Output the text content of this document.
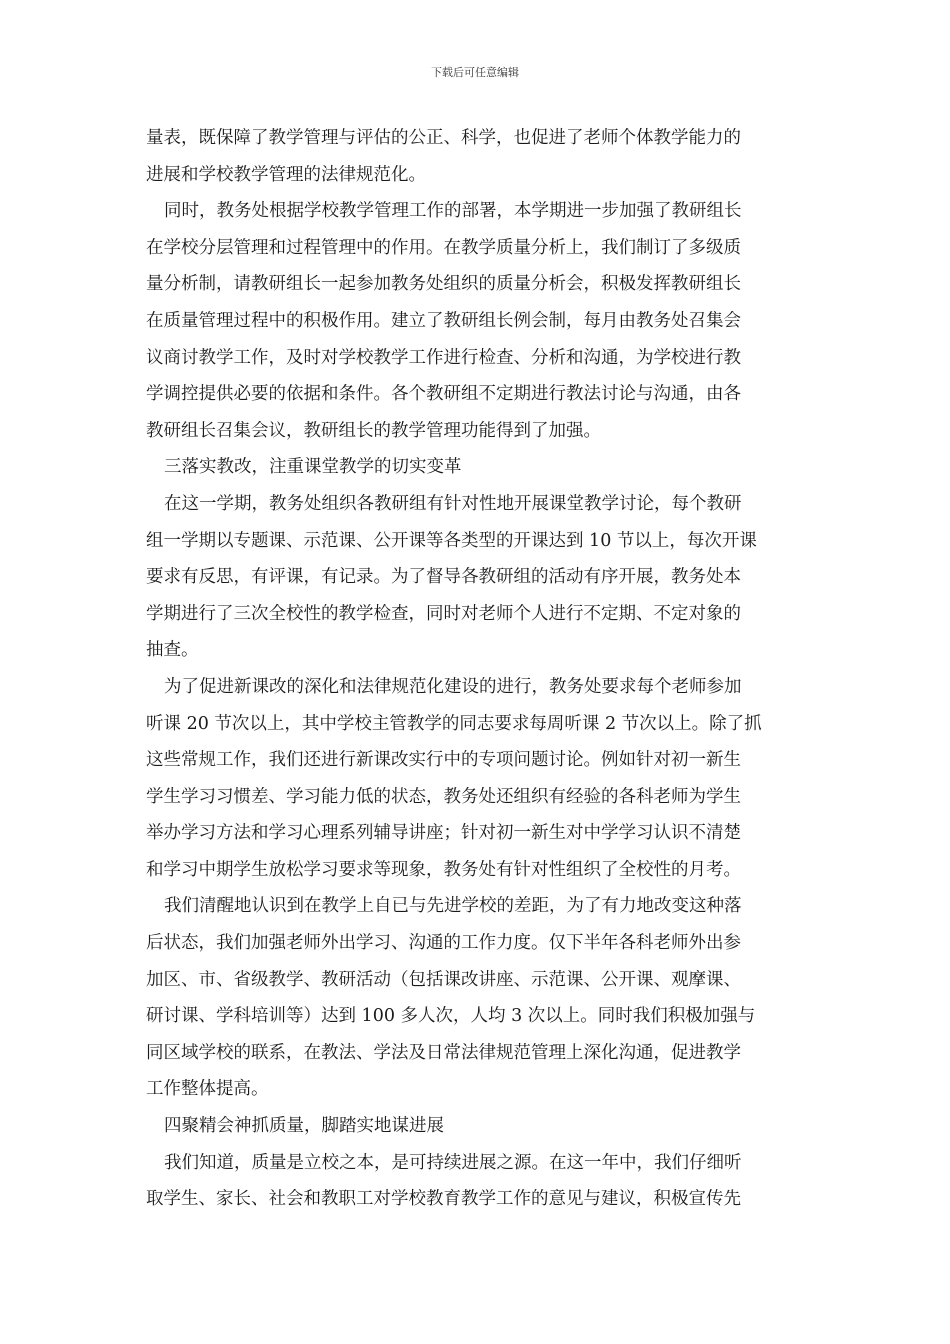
下载后可任意编辑
量表，既保障了教学管理与评估的公正、科学，也促进了老师个体教学能力的
进展和学校教学管理的法律规范化。
同时，教务处根据学校教学管理工作的部署，本学期进一步加强了教研组长
在学校分层管理和过程管理中的作用。在教学质量分析上，我们制订了多级质
量分析制，请教研组长一起参加教务处组织的质量分析会，积极发挥教研组长
在质量管理过程中的积极作用。建立了教研组长例会制，每月由教务处召集会
议商讨教学工作，及时对学校教学工作进行检查、分析和沟通，为学校进行教
学调控提供必要的依据和条件。各个教研组不定期进行教法讨论与沟通，由各
教研组长召集会议，教研组长的教学管理功能得到了加强。
三落实教改，注重课堂教学的切实变革
在这一学期，教务处组织各教研组有针对性地开展课堂教学讨论，每个教研
组一学期以专题课、示范课、公开课等各类型的开课达到 10 节以上，每次开课
要求有反思，有评课，有记录。为了督导各教研组的活动有序开展，教务处本
学期进行了三次全校性的教学检查，同时对老师个人进行不定期、不定对象的
抽查。
为了促进新课改的深化和法律规范化建设的进行，教务处要求每个老师参加
听课 20 节次以上，其中学校主管教学的同志要求每周听课 2 节次以上。除了抓
这些常规工作，我们还进行新课改实行中的专项问题讨论。例如针对初一新生
学生学习习惯差、学习能力低的状态，教务处还组织有经验的各科老师为学生
举办学习方法和学习心理系列辅导讲座；针对初一新生对中学学习认识不清楚
和学习中期学生放松学习要求等现象，教务处有针对性组织了全校性的月考。
我们清醒地认识到在教学上自已与先进学校的差距，为了有力地改变这种落
后状态，我们加强老师外出学习、沟通的工作力度。仅下半年各科老师外出参
加区、市、省级教学、教研活动（包括课改讲座、示范课、公开课、观摩课、
研讨课、学科培训等）达到 100 多人次，人均 3 次以上。同时我们积极加强与
同区域学校的联系，在教法、学法及日常法律规范管理上深化沟通，促进教学
工作整体提高。
四聚精会神抓质量，脚踏实地谋进展
我们知道，质量是立校之本，是可持续进展之源。在这一年中，我们仔细听
取学生、家长、社会和教职工对学校教育教学工作的意见与建议，积极宣传先
